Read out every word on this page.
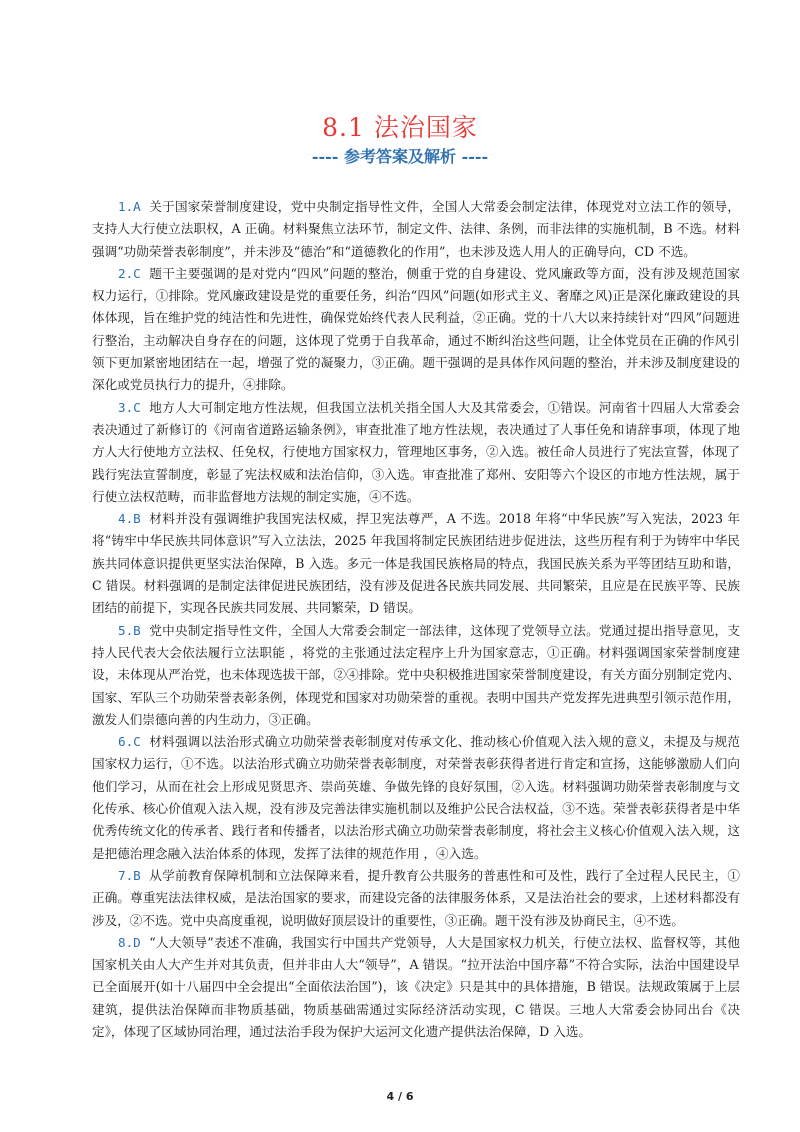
8.1 法治国家
---- 参考答案及解析 ----

1.A 关于国家荣誉制度建设，党中央制定指导性文件，全国人大常委会制定法律，体现党对立法工作的领导，支持人大行使立法职权，A 正确。材料聚焦立法环节，制定文件、法律、条例，而非法律的实施机制，B 不选。材料强调“功勋荣誉表彰制度”，并未涉及“德治”和“道德教化的作用”，也未涉及选人用人的正确导向，CD 不选。

2.C 题干主要强调的是对党内“四风”问题的整治，侧重于党的自身建设、党风廉政等方面，没有涉及规范国家权力运行，①排除。党风廉政建设是党的重要任务，纠治“四风”问题(如形式主义、奢靡之风)正是深化廉政建设的具体体现，旨在维护党的纯洁性和先进性，确保党始终代表人民利益，②正确。党的十八大以来持续针对“四风”问题进行整治，主动解决自身存在的问题，这体现了党勇于自我革命，通过不断纠治这些问题，让全体党员在正确的作风引领下更加紧密地团结在一起，增强了党的凝聚力，③正确。题干强调的是具体作风问题的整治，并未涉及制度建设的深化或党员执行力的提升，④排除。

3.C 地方人大可制定地方性法规，但我国立法机关指全国人大及其常委会，①错误。河南省十四届人大常委会表决通过了新修订的《河南省道路运输条例》，审查批准了地方性法规，表决通过了人事任免和请辞事项，体现了地方人大行使地方立法权、任免权，行使地方国家权力，管理地区事务，②入选。被任命人员进行了宪法宣誓，体现了践行宪法宣誓制度，彰显了宪法权威和法治信仰，③入选。审查批准了郑州、安阳等六个设区的市地方性法规，属于行使立法权范畴，而非监督地方法规的制定实施，④不选。

4.B 材料并没有强调维护我国宪法权威，捍卫宪法尊严，A 不选。2018 年将“中华民族”写入宪法，2023 年将“铸牢中华民族共同体意识”写入立法法，2025 年我国将制定民族团结进步促进法，这些历程有利于为铸牢中华民族共同体意识提供更坚实法治保障，B 入选。多元一体是我国民族格局的特点，我国民族关系为平等团结互助和谐，C 错误。材料强调的是制定法律促进民族团结，没有涉及促进各民族共同发展、共同繁荣，且应是在民族平等、民族团结的前提下，实现各民族共同发展、共同繁荣，D 错误。

5.B 党中央制定指导性文件，全国人大常委会制定一部法律，这体现了党领导立法。党通过提出指导意见，支持人民代表大会依法履行立法职能 ，将党的主张通过法定程序上升为国家意志，①正确。材料强调国家荣誉制度建设，未体现从严治党，也未体现选拔干部，②④排除。党中央积极推进国家荣誉制度建设，有关方面分别制定党内、国家、军队三个功勋荣誉表彰条例，体现党和国家对功勋荣誉的重视。表明中国共产党发挥先进典型引领示范作用，激发人们崇德向善的内生动力，③正确。

6.C 材料强调以法治形式确立功勋荣誉表彰制度对传承文化、推动核心价值观入法入规的意义，未提及与规范国家权力运行，①不选。以法治形式确立功勋荣誉表彰制度，对荣誉表彰获得者进行肯定和宣扬，这能够激励人们向他们学习，从而在社会上形成见贤思齐、崇尚英雄、争做先锋的良好氛围，②入选。材料强调功勋荣誉表彰制度与文化传承、核心价值观入法入规，没有涉及完善法律实施机制以及维护公民合法权益，③不选。荣誉表彰获得者是中华优秀传统文化的传承者、践行者和传播者，以法治形式确立功勋荣誉表彰制度，将社会主义核心价值观入法入规，这是把德治理念融入法治体系的体现，发挥了法律的规范作用 ，④入选。

7.B 从学前教育保障机制和立法保障来看，提升教育公共服务的普惠性和可及性，践行了全过程人民民主，①正确。尊重宪法法律权威，是法治国家的要求，而建设完备的法律服务体系，又是法治社会的要求，上述材料都没有涉及，②不选。党中央高度重视，说明做好顶层设计的重要性，③正确。题干没有涉及协商民主，④不选。

8.D “人大领导”表述不准确，我国实行中国共产党领导，人大是国家权力机关，行使立法权、监督权等，其他国家机关由人大产生并对其负责，但并非由人大“领导”，A 错误。“拉开法治中国序幕”不符合实际，法治中国建设早已全面展开(如十八届四中全会提出“全面依法治国”)，该《决定》只是其中的具体措施，B 错误。法规政策属于上层建筑，提供法治保障而非物质基础，物质基础需通过实际经济活动实现，C 错误。三地人大常委会协同出台《决定》，体现了区域协同治理，通过法治手段为保护大运河文化遗产提供法治保障，D 入选。

4 / 6
